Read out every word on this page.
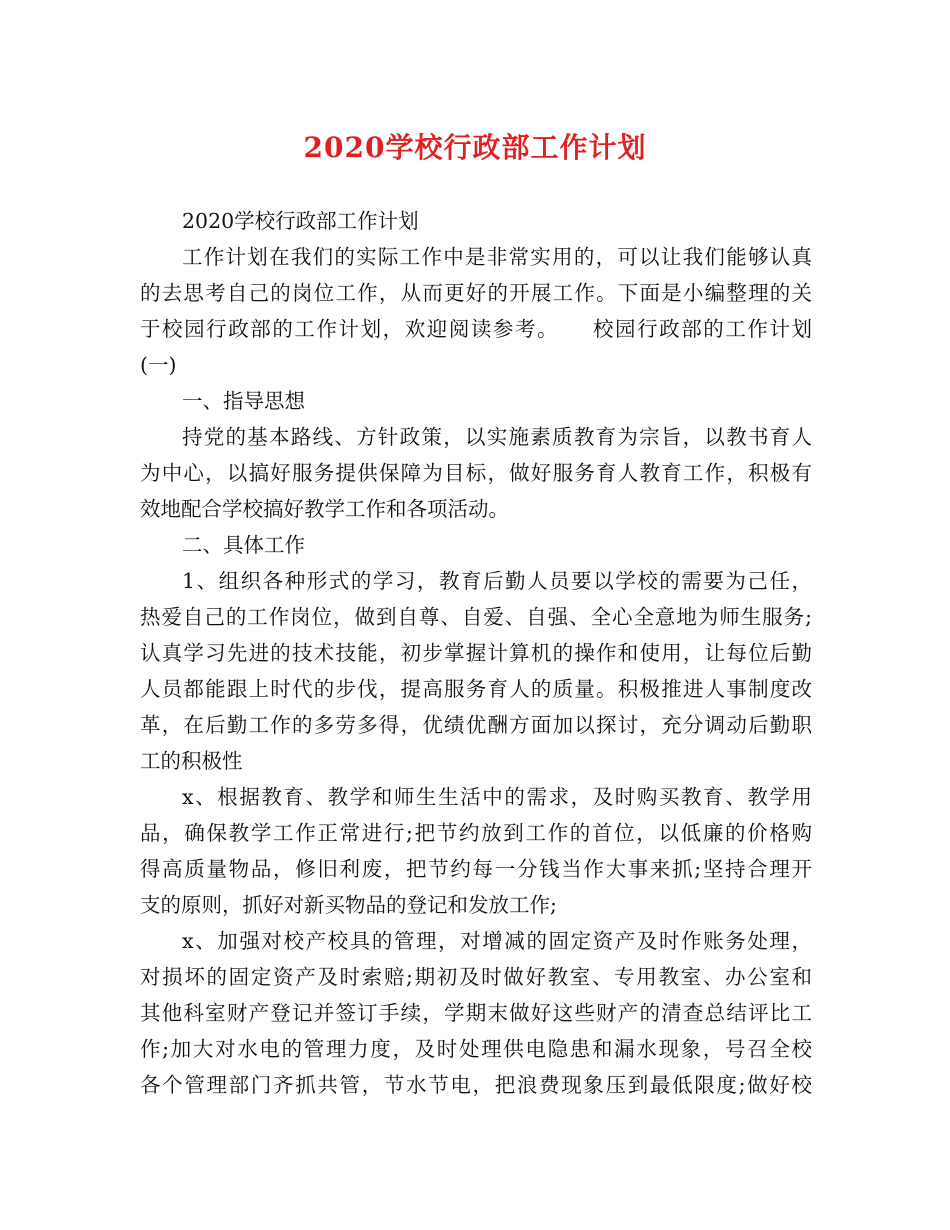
2020学校行政部工作计划
2020学校行政部工作计划
工作计划在我们的实际工作中是非常实用的，可以让我们能够认真
的去思考自己的岗位工作，从而更好的开展工作。下面是小编整理的关
于校园行政部的工作计划，欢迎阅读参考。　　校园行政部的工作计划
(一)
一、指导思想
持党的基本路线、方针政策，以实施素质教育为宗旨，以教书育人
为中心，以搞好服务提供保障为目标，做好服务育人教育工作，积极有
效地配合学校搞好教学工作和各项活动。
二、具体工作
1、组织各种形式的学习，教育后勤人员要以学校的需要为己任，
热爱自己的工作岗位，做到自尊、自爱、自强、全心全意地为师生服务;
认真学习先进的技术技能，初步掌握计算机的操作和使用，让每位后勤
人员都能跟上时代的步伐，提高服务育人的质量。积极推进人事制度改
革，在后勤工作的多劳多得，优绩优酬方面加以探讨，充分调动后勤职
工的积极性
x、根据教育、教学和师生生活中的需求，及时购买教育、教学用
品，确保教学工作正常进行;把节约放到工作的首位，以低廉的价格购
得高质量物品，修旧利废，把节约每一分钱当作大事来抓;坚持合理开
支的原则，抓好对新买物品的登记和发放工作;
x、加强对校产校具的管理，对增减的固定资产及时作账务处理，
对损坏的固定资产及时索赔;期初及时做好教室、专用教室、办公室和
其他科室财产登记并签订手续，学期末做好这些财产的清查总结评比工
作;加大对水电的管理力度，及时处理供电隐患和漏水现象，号召全校
各个管理部门齐抓共管，节水节电，把浪费现象压到最低限度;做好校
